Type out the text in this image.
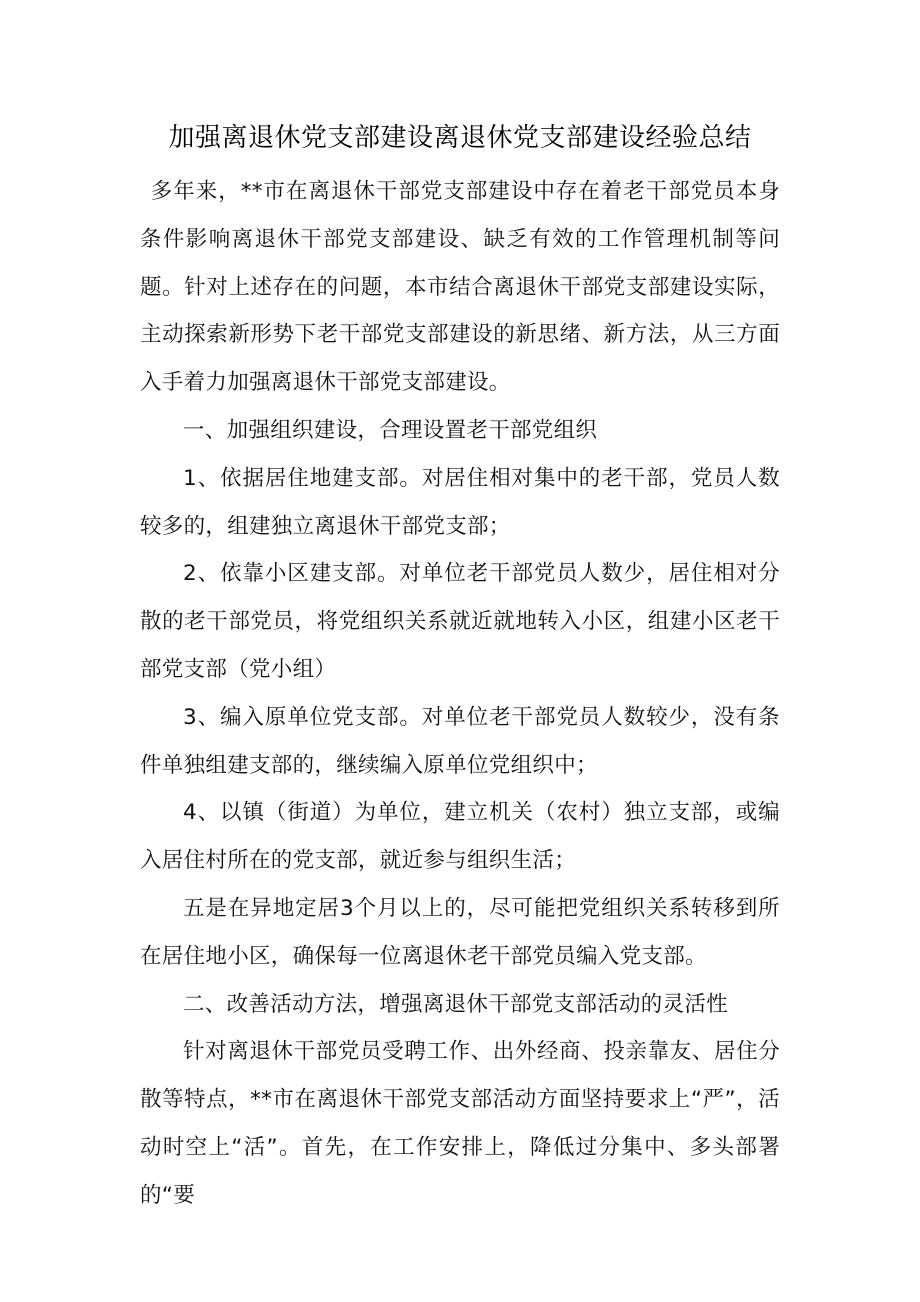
加强离退休党支部建设离退休党支部建设经验总结

多年来，**市在离退休干部党支部建设中存在着老干部党员本身条件影响离退休干部党支部建设、缺乏有效的工作管理机制等问题。针对上述存在的问题，本市结合离退休干部党支部建设实际，主动探索新形势下老干部党支部建设的新思绪、新方法，从三方面入手着力加强离退休干部党支部建设。

一、加强组织建设，合理设置老干部党组织

1、依据居住地建支部。对居住相对集中的老干部，党员人数较多的，组建独立离退休干部党支部；

2、依靠小区建支部。对单位老干部党员人数少，居住相对分散的老干部党员，将党组织关系就近就地转入小区，组建小区老干部党支部（党小组）

3、编入原单位党支部。对单位老干部党员人数较少，没有条件单独组建支部的，继续编入原单位党组织中；

4、以镇（街道）为单位，建立机关（农村）独立支部，或编入居住村所在的党支部，就近参与组织生活；

五是在异地定居3个月以上的，尽可能把党组织关系转移到所在居住地小区，确保每一位离退休老干部党员编入党支部。

二、改善活动方法，增强离退休干部党支部活动的灵活性

针对离退休干部党员受聘工作、出外经商、投亲靠友、居住分散等特点，**市在离退休干部党支部活动方面坚持要求上“严”，活动时空上“活”。首先，在工作安排上，降低过分集中、多头部署的“要
